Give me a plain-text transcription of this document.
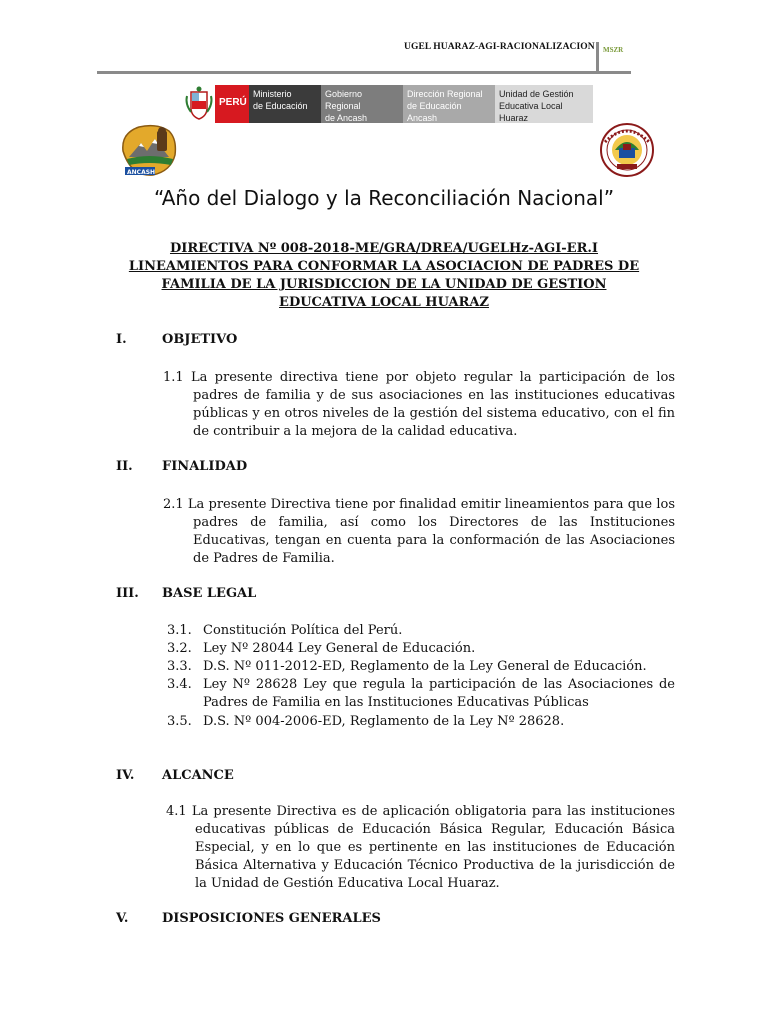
UGEL HUARAZ-AGI-RACIONALIZACION MSZR
PERÚ
Ministerio
de Educación
Gobierno Regional
de Ancash
Dirección Regional
de Educación Ancash
Unidad de Gestión
Educativa Local Huaraz
ANCASH
“Año del Dialogo y la Reconciliación Nacional”
DIRECTIVA Nº 008-2018-ME/GRA/DREA/UGELHz-AGI-ER.I
LINEAMIENTOS PARA CONFORMAR LA ASOCIACION DE PADRES DE
FAMILIA DE LA JURISDICCION DE LA UNIDAD DE GESTION
EDUCATIVA LOCAL HUARAZ
I.	OBJETIVO
1.1 La presente directiva tiene por objeto regular la participación de los padres de familia y de sus asociaciones en las instituciones educativas públicas y en otros niveles de la gestión del sistema educativo, con el fin de contribuir a la mejora de la calidad educativa.
II. FINALIDAD
2.1 La presente Directiva tiene por finalidad emitir lineamientos para que los padres de familia, así como los Directores de las Instituciones Educativas, tengan en cuenta para la conformación de las Asociaciones de Padres de Familia.
III. BASE LEGAL
3.1. Constitución Política del Perú.
3.2. Ley Nº 28044 Ley General de Educación.
3.3. D.S. Nº 011-2012-ED, Reglamento de la Ley General de Educación.
3.4. Ley Nº 28628 Ley que regula la participación de las Asociaciones de Padres de Familia en las Instituciones Educativas Públicas
3.5. D.S. Nº 004-2006-ED, Reglamento de la Ley Nº 28628.
IV. ALCANCE
4.1 La presente Directiva es de aplicación obligatoria para las instituciones educativas públicas de Educación Básica Regular, Educación Básica Especial, y en lo que es pertinente en las instituciones de Educación Básica Alternativa y Educación Técnico Productiva de la jurisdicción de la Unidad de Gestión Educativa Local Huaraz.
V.	DISPOSICIONES GENERALES
